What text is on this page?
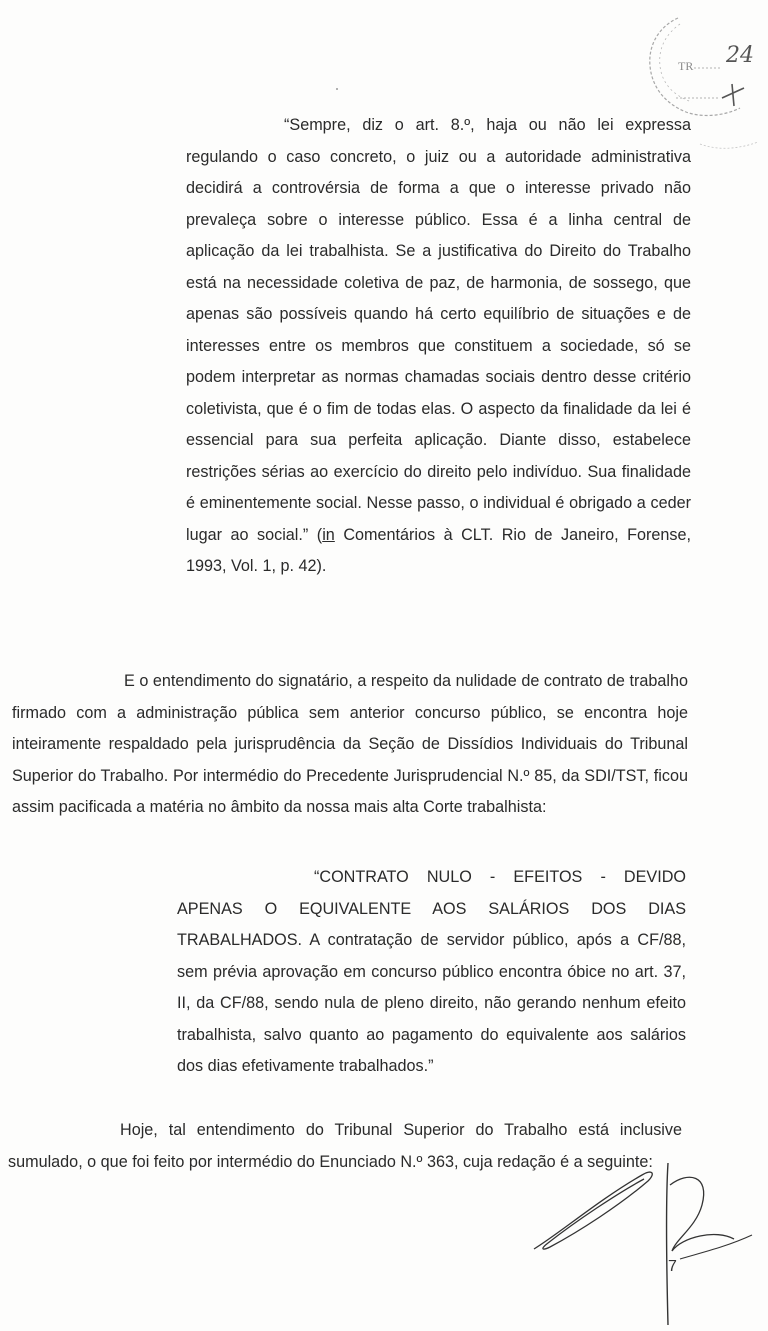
TR 24

“Sempre, diz o art. 8.º, haja ou não lei expressa regulando o caso concreto, o juiz ou a autoridade administrativa decidirá a controvérsia de forma a que o interesse privado não prevaleça sobre o interesse público. Essa é a linha central de aplicação da lei trabalhista. Se a justificativa do Direito do Trabalho está na necessidade coletiva de paz, de harmonia, de sossego, que apenas são possíveis quando há certo equilíbrio de situações e de interesses entre os membros que constituem a sociedade, só se podem interpretar as normas chamadas sociais dentro desse critério coletivista, que é o fim de todas elas. O aspecto da finalidade da lei é essencial para sua perfeita aplicação. Diante disso, estabelece restrições sérias ao exercício do direito pelo indivíduo. Sua finalidade é eminentemente social. Nesse passo, o individual é obrigado a ceder lugar ao social.” (in Comentários à CLT. Rio de Janeiro, Forense, 1993, Vol. 1, p. 42).

E o entendimento do signatário, a respeito da nulidade de contrato de trabalho firmado com a administração pública sem anterior concurso público, se encontra hoje inteiramente respaldado pela jurisprudência da Seção de Dissídios Individuais do Tribunal Superior do Trabalho. Por intermédio do Precedente Jurisprudencial N.º 85, da SDI/TST, ficou assim pacificada a matéria no âmbito da nossa mais alta Corte trabalhista:

“CONTRATO NULO - EFEITOS - DEVIDO APENAS O EQUIVALENTE AOS SALÁRIOS DOS DIAS TRABALHADOS. A contratação de servidor público, após a CF/88, sem prévia aprovação em concurso público encontra óbice no art. 37, II, da CF/88, sendo nula de pleno direito, não gerando nenhum efeito trabalhista, salvo quanto ao pagamento do equivalente aos salários dos dias efetivamente trabalhados.”

Hoje, tal entendimento do Tribunal Superior do Trabalho está inclusive sumulado, o que foi feito por intermédio do Enunciado N.º 363, cuja redação é a seguinte:

7
